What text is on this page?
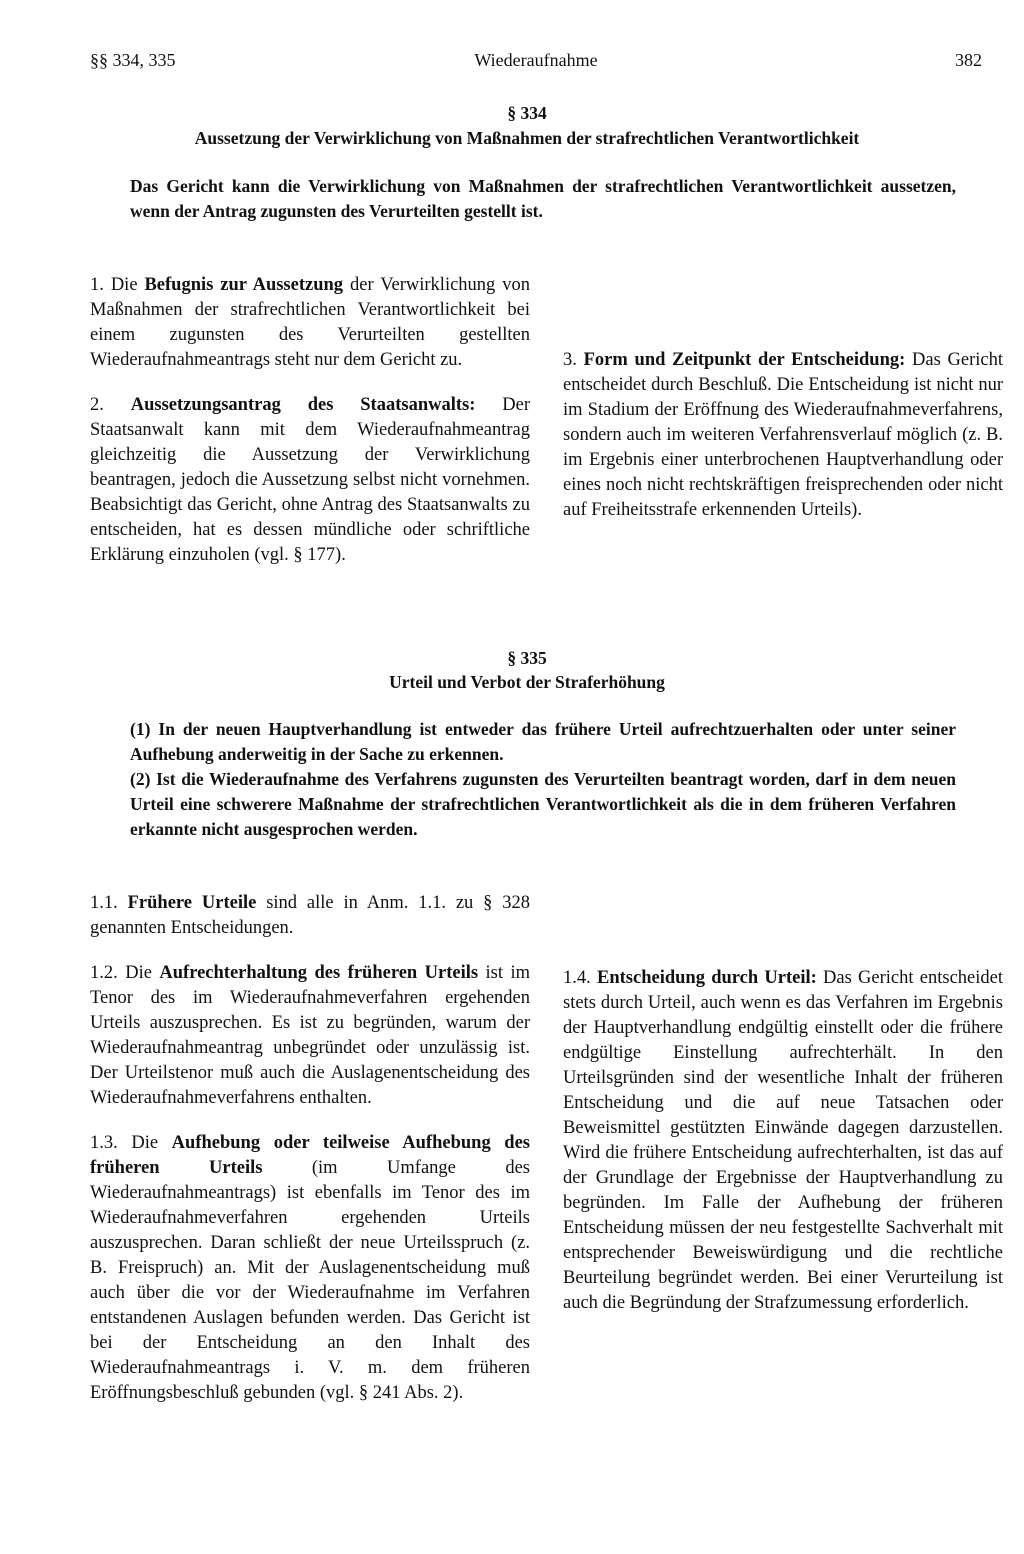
§§ 334, 335	Wiederaufnahme	382
§ 334
Aussetzung der Verwirklichung von Maßnahmen der strafrechtlichen Verantwortlichkeit

Das Gericht kann die Verwirklichung von Maßnahmen der strafrechtlichen Verantwortlichkeit aussetzen, wenn der Antrag zugunsten des Verurteilten gestellt ist.

1. Die Befugnis zur Aussetzung der Verwirklichung von Maßnahmen der strafrechtlichen Verantwortlichkeit bei einem zugunsten des Verurteilten gestellten Wiederaufnahmeantrags steht nur dem Gericht zu.

2. Aussetzungsantrag des Staatsanwalts: Der Staatsanwalt kann mit dem Wiederaufnahmeantrag gleichzeitig die Aussetzung der Verwirklichung beantragen, jedoch die Aussetzung selbst nicht vornehmen. Beabsichtigt das Gericht, ohne Antrag des Staatsanwalts zu entscheiden, hat es dessen mündliche oder schriftliche Erklärung einzuholen (vgl. § 177).

3. Form und Zeitpunkt der Entscheidung: Das Gericht entscheidet durch Beschluß. Die Entscheidung ist nicht nur im Stadium der Eröffnung des Wiederaufnahmeverfahrens, sondern auch im weiteren Verfahrensverlauf möglich (z. B. im Ergebnis einer unterbrochenen Hauptverhandlung oder eines noch nicht rechtskräftigen freisprechenden oder nicht auf Freiheitsstrafe erkennenden Urteils).

§ 335
Urteil und Verbot der Straferhöhung

(1) In der neuen Hauptverhandlung ist entweder das frühere Urteil aufrechtzuerhalten oder unter seiner Aufhebung anderweitig in der Sache zu erkennen.

(2) Ist die Wiederaufnahme des Verfahrens zugunsten des Verurteilten beantragt worden, darf in dem neuen Urteil eine schwerere Maßnahme der strafrechtlichen Verantwortlichkeit als die in dem früheren Verfahren erkannte nicht ausgesprochen werden.

1.1. Frühere Urteile sind alle in Anm. 1.1. zu § 328 genannten Entscheidungen.

1.2. Die Aufrechterhaltung des früheren Urteils ist im Tenor des im Wiederaufnahmeverfahren ergehenden Urteils auszusprechen. Es ist zu begründen, warum der Wiederaufnahmeantrag unbegründet oder unzulässig ist. Der Urteilstenor muß auch die Auslagenentscheidung des Wiederaufnahmeverfahrens enthalten.

1.3. Die Aufhebung oder teilweise Aufhebung des früheren Urteils (im Umfange des Wiederaufnahmeantrags) ist ebenfalls im Tenor des im Wiederaufnahmeverfahren ergehenden Urteils auszusprechen. Daran schließt der neue Urteilsspruch (z. B. Freispruch) an. Mit der Auslagenentscheidung muß auch über die vor der Wiederaufnahme im Verfahren entstandenen Auslagen befunden werden. Das Gericht ist bei der Entscheidung an den Inhalt des Wiederaufnahmeantrags i. V. m. dem früheren Eröffnungsbeschluß gebunden (vgl. § 241 Abs. 2).

1.4. Entscheidung durch Urteil: Das Gericht entscheidet stets durch Urteil, auch wenn es das Verfahren im Ergebnis der Hauptverhandlung endgültig einstellt oder die frühere endgültige Einstellung aufrechterhält. In den Urteilsgründen sind der wesentliche Inhalt der früheren Entscheidung und die auf neue Tatsachen oder Beweismittel gestützten Einwände dagegen darzustellen. Wird die frühere Entscheidung aufrechterhalten, ist das auf der Grundlage der Ergebnisse der Hauptverhandlung zu begründen. Im Falle der Aufhebung der früheren Entscheidung müssen der neu festgestellte Sachverhalt mit entsprechender Beweiswürdigung und die rechtliche Beurteilung begründet werden. Bei einer Verurteilung ist auch die Begründung der Strafzumessung erforderlich.
